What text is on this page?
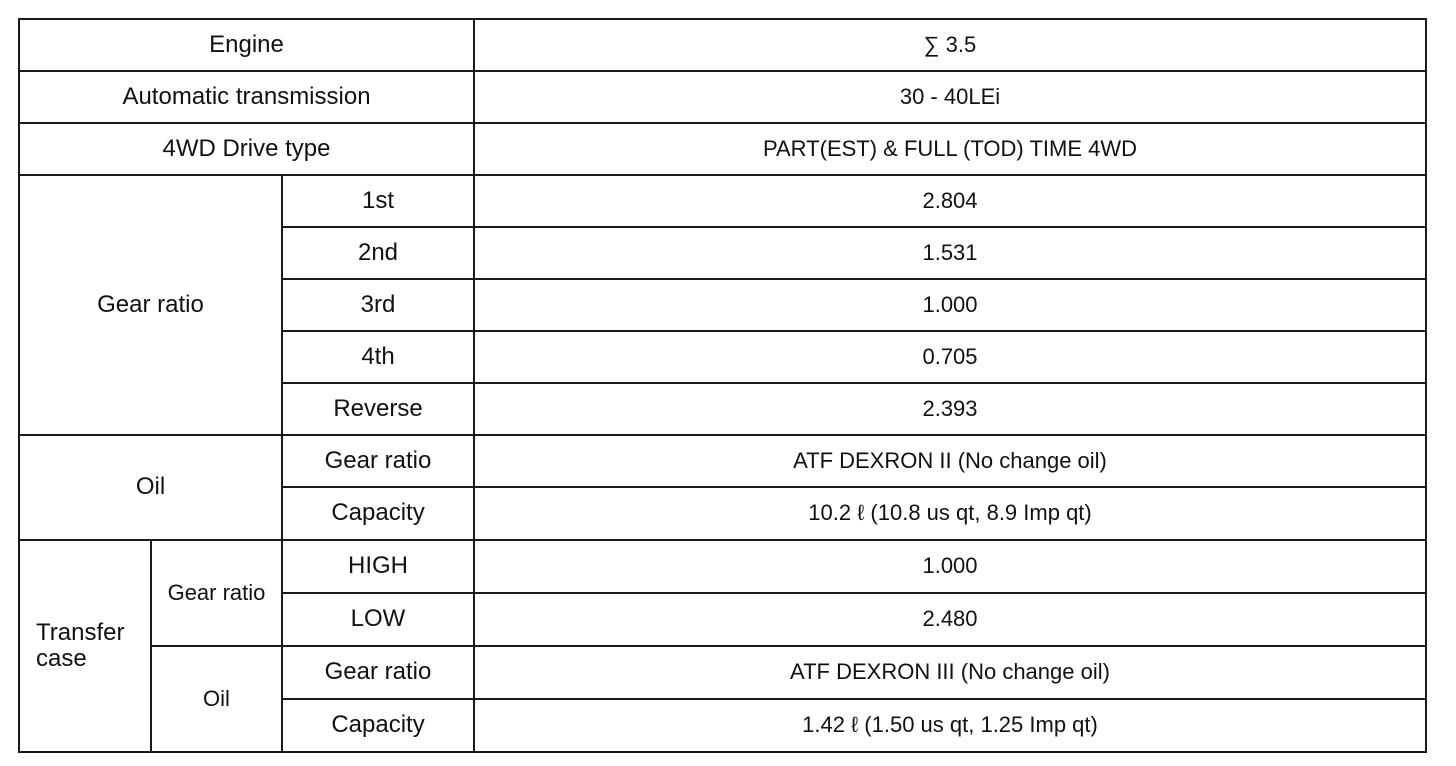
Engine			∑ 3.5
Automatic transmission			30 - 40LEi
4WD Drive type			PART(EST) & FULL (TOD) TIME 4WD
Gear ratio		1st	2.804
		2nd	1.531
		3rd	1.000
		4th	0.705
		Reverse	2.393
Oil		Gear ratio	ATF DEXRON II (No change oil)
		Capacity	10.2 ℓ (10.8 us qt, 8.9 Imp qt)

Transfer
case	Gear ratio	HIGH	1.000
		LOW	2.480
	Oil	Gear ratio	ATF DEXRON III (No change oil)
		Capacity	1.42 ℓ (1.50 us qt, 1.25 Imp qt)
